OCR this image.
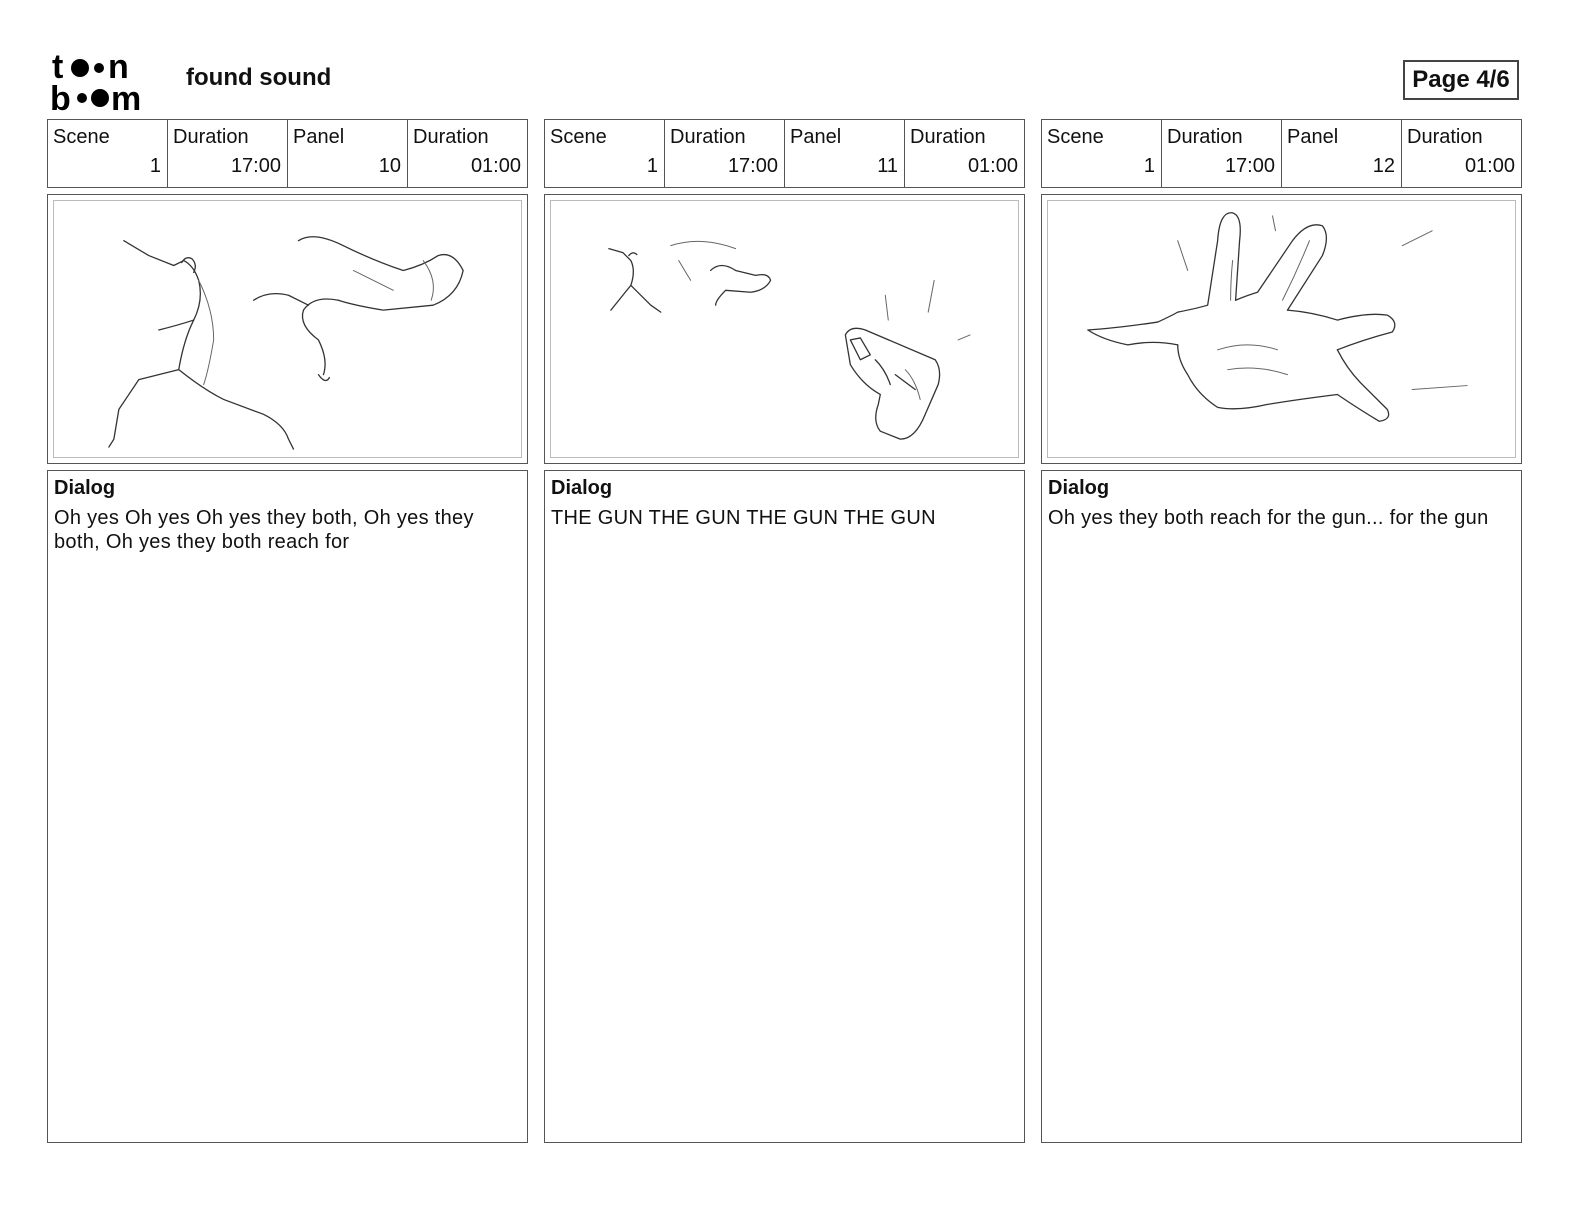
t n
b m
found sound	Page 4/6
Scene
1
Duration
17:00
Panel
10
Duration
01:00
Dialog
Oh yes Oh yes Oh yes they both, Oh yes they both, Oh yes they both reach for
Scene
1
Duration
17:00
Panel
11
Duration
01:00
Dialog
THE GUN THE GUN THE GUN THE GUN
Scene
1
Duration
17:00
Panel
12
Duration
01:00
Dialog
Oh yes they both reach for the gun... for the gun
